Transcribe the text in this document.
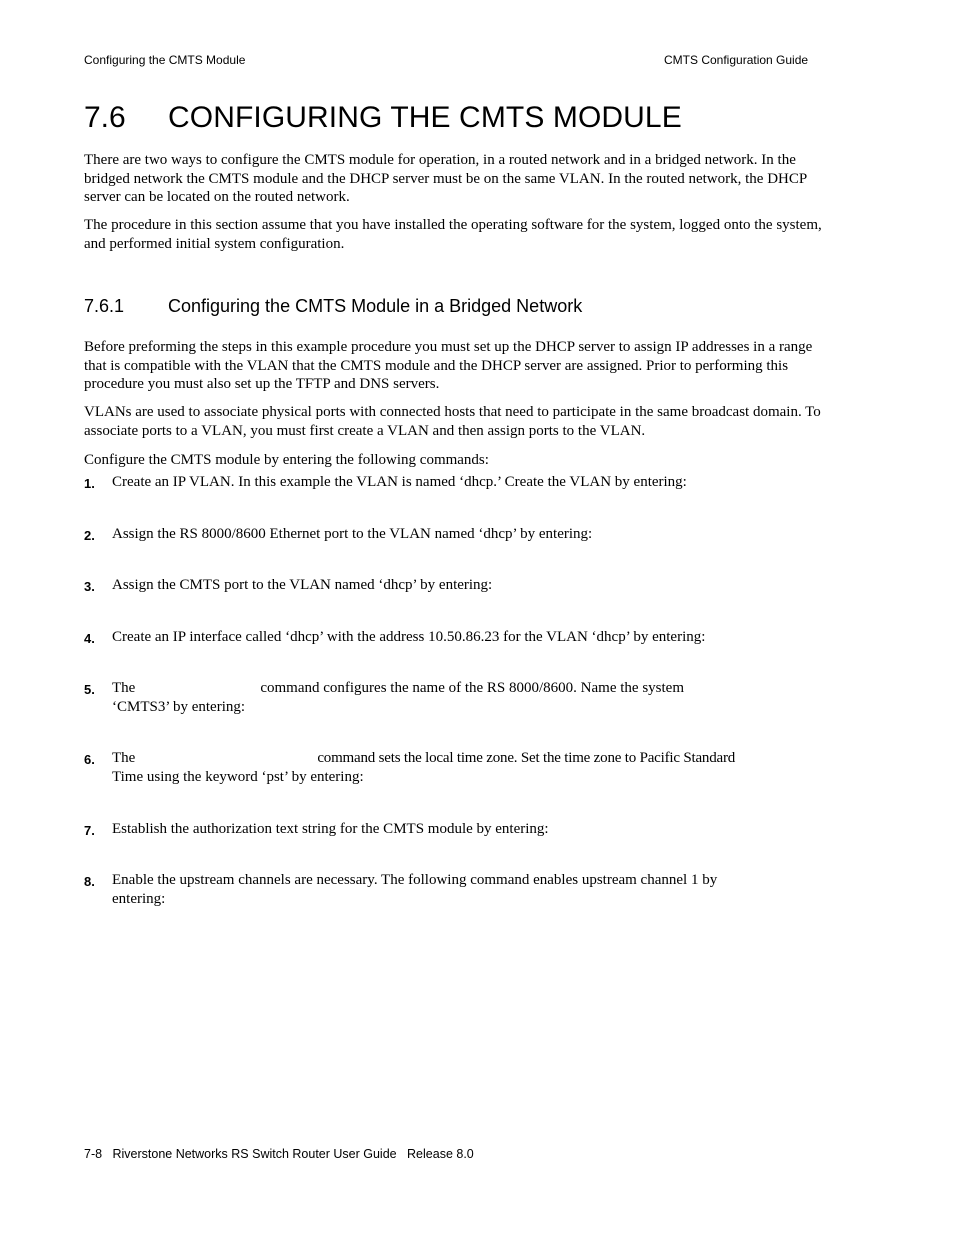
Configuring the CMTS Module	CMTS Configuration Guide
7.6 CONFIGURING THE CMTS MODULE
There are two ways to configure the CMTS module for operation, in a routed network and in a bridged network. In the bridged network the CMTS module and the DHCP server must be on the same VLAN. In the routed network, the DHCP server can be located on the routed network.
The procedure in this section assume that you have installed the operating software for the system, logged onto the system, and performed initial system configuration.
7.6.1 Configuring the CMTS Module in a Bridged Network
Before preforming the steps in this example procedure you must set up the DHCP server to assign IP addresses in a range that is compatible with the VLAN that the CMTS module and the DHCP server are assigned. Prior to performing this procedure you must also set up the TFTP and DNS servers.
VLANs are used to associate physical ports with connected hosts that need to participate in the same broadcast domain. To associate ports to a VLAN, you must first create a VLAN and then assign ports to the VLAN.
Configure the CMTS module by entering the following commands:
1. Create an IP VLAN. In this example the VLAN is named ‘dhcp.’ Create the VLAN by entering:
2. Assign the RS 8000/8600 Ethernet port to the VLAN named ‘dhcp’ by entering:
3. Assign the CMTS port to the VLAN named ‘dhcp’ by entering:
4. Create an IP interface called ‘dhcp’ with the address 10.50.86.23 for the VLAN ‘dhcp’ by entering:
5. The	command configures the name of the RS 8000/8600. Name the system
‘CMTS3’ by entering:
6. The	command sets the local time zone. Set the time zone to Pacific Standard
Time using the keyword ‘pst’ by entering:
7. Establish the authorization text string for the CMTS module by entering:
8. Enable the upstream channels are necessary. The following command enables upstream channel 1 by entering:
7-8   Riverstone Networks RS Switch Router User Guide   Release 8.0
